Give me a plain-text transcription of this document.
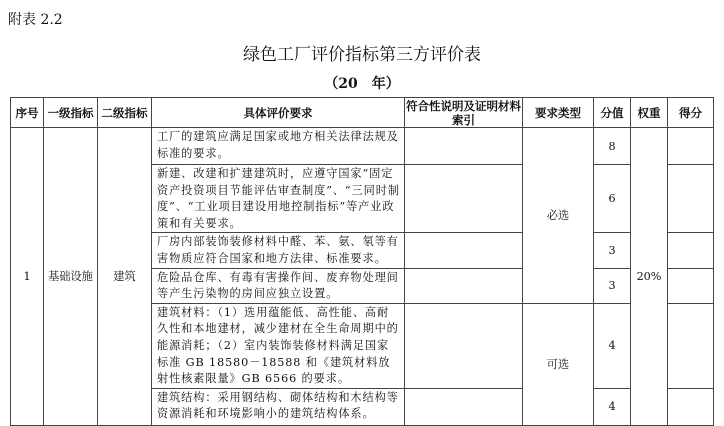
附表 2.2
绿色工厂评价指标第三方评价表
（20　年）
序号	一级指标	二级指标	具体评价要求	符合性说明及证明材料索引	要求类型	分值	权重	得分
1	基础设施	建筑	工厂的建筑应满足国家或地方相关法律法规及标准的要求。		必选	8	20%	
			新建、改建和扩建建筑时，应遵守国家“固定资产投资项目节能评估审查制度”、“三同时制度”、“工业项目建设用地控制指标”等产业政策和有关要求。			6		
			厂房内部装饰装修材料中醛、苯、氨、氡等有害物质应符合国家和地方法律、标准要求。			3		
			危险品仓库、有毒有害操作间、废弃物处理间等产生污染物的房间应独立设置。			3		
			建筑材料：（1）选用蕴能低、高性能、高耐久性和本地建材，减少建材在全生命周期中的能源消耗；（2）室内装饰装修材料满足国家标准 GB 18580－18588 和《建筑材料放射性核素限量》GB 6566 的要求。		可选	4		
			建筑结构：采用钢结构、砌体结构和木结构等资源消耗和环境影响小的建筑结构体系。			4		
